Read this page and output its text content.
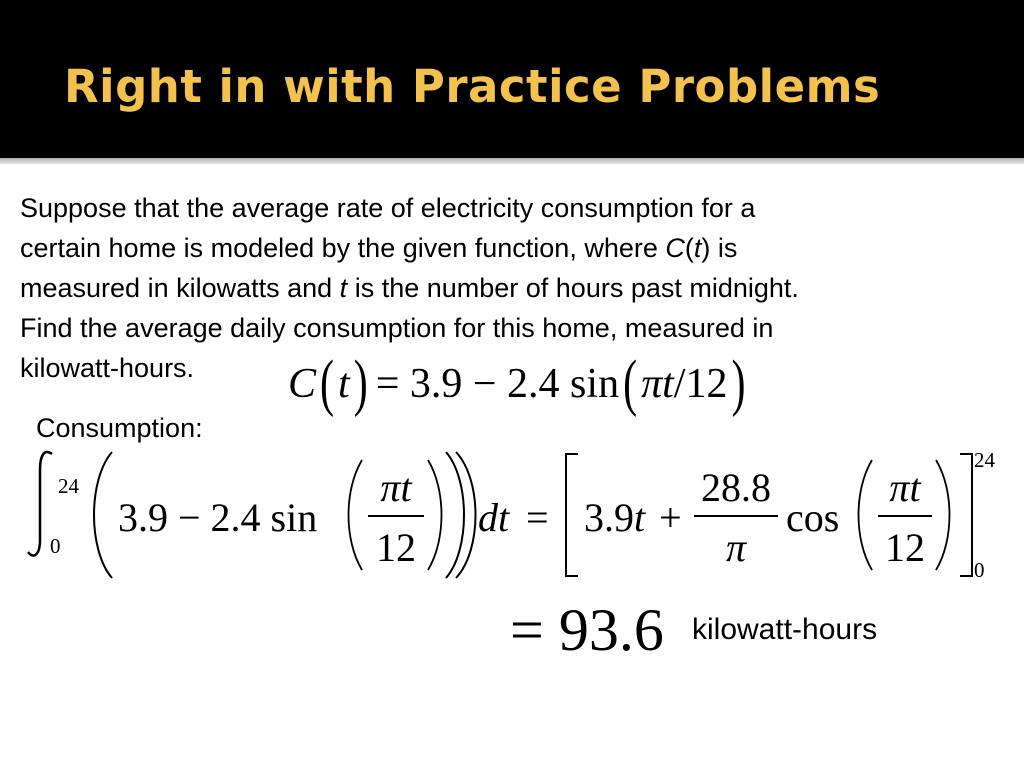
Right in with Practice Problems
Suppose that the average rate of electricity consumption for a
certain home is modeled by the given function, where C(t) is
measured in kilowatts and t is the number of hours past midnight.
Find the average daily consumption for this home, measured in
kilowatt-hours. C(t) = 3.9 − 2.4 sin(πt/12)
Consumption:
24
0
3.9 − 2.4 sin
πt
12
dt = 3.9t +
28.8
π
cos
πt
12
24
0
= 93.6 kilowatt-hours
